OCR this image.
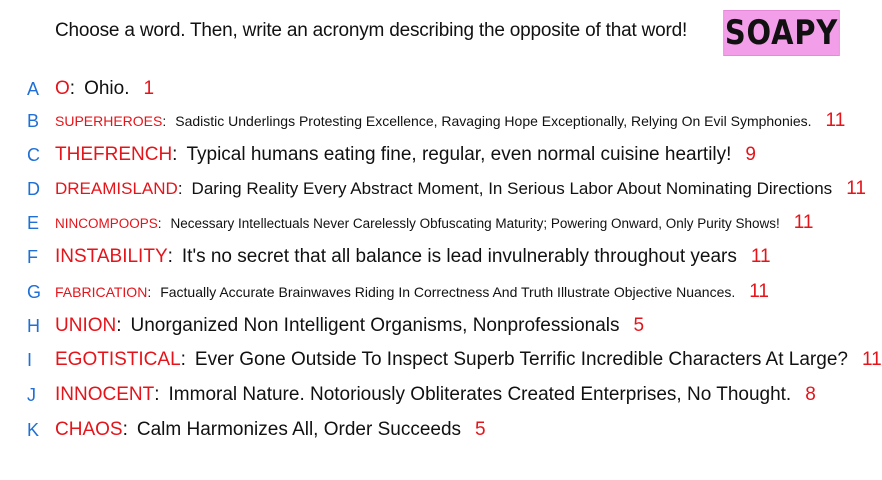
Choose a word. Then, write an acronym describing the opposite of that word! SOAPY
A O : Ohio. 1
B	SUPERHEROES : Sadistic Underlings Protesting Excellence, Ravaging Hope Exceptionally, Relying On Evil Symphonies. 11
C THEFRENCH : Typical humans eating fine, regular, even normal cuisine heartily! 9
D DREAMISLAND : Daring Reality Every Abstract Moment, In Serious Labor About Nominating Directions 11
E	NINCOMPOOPS : Necessary Intellectuals Never Carelessly Obfuscating Maturity; Powering Onward, Only Purity Shows! 11
F INSTABILITY : It's no secret that all balance is lead invulnerably throughout years 11
G FABRICATION : Factually Accurate Brainwaves Riding In Correctness And Truth Illustrate Objective Nuances. 11
H UNION : Unorganized Non Intelligent Organisms, Nonprofessionals 5
I	EGOTISTICAL : Ever Gone Outside To Inspect Superb Terrific Incredible Characters At Large? 11
J	INNOCENT : Immoral Nature. Notoriously Obliterates Created Enterprises, No Thought. 8
K CHAOS : Calm Harmonizes All, Order Succeeds 5
